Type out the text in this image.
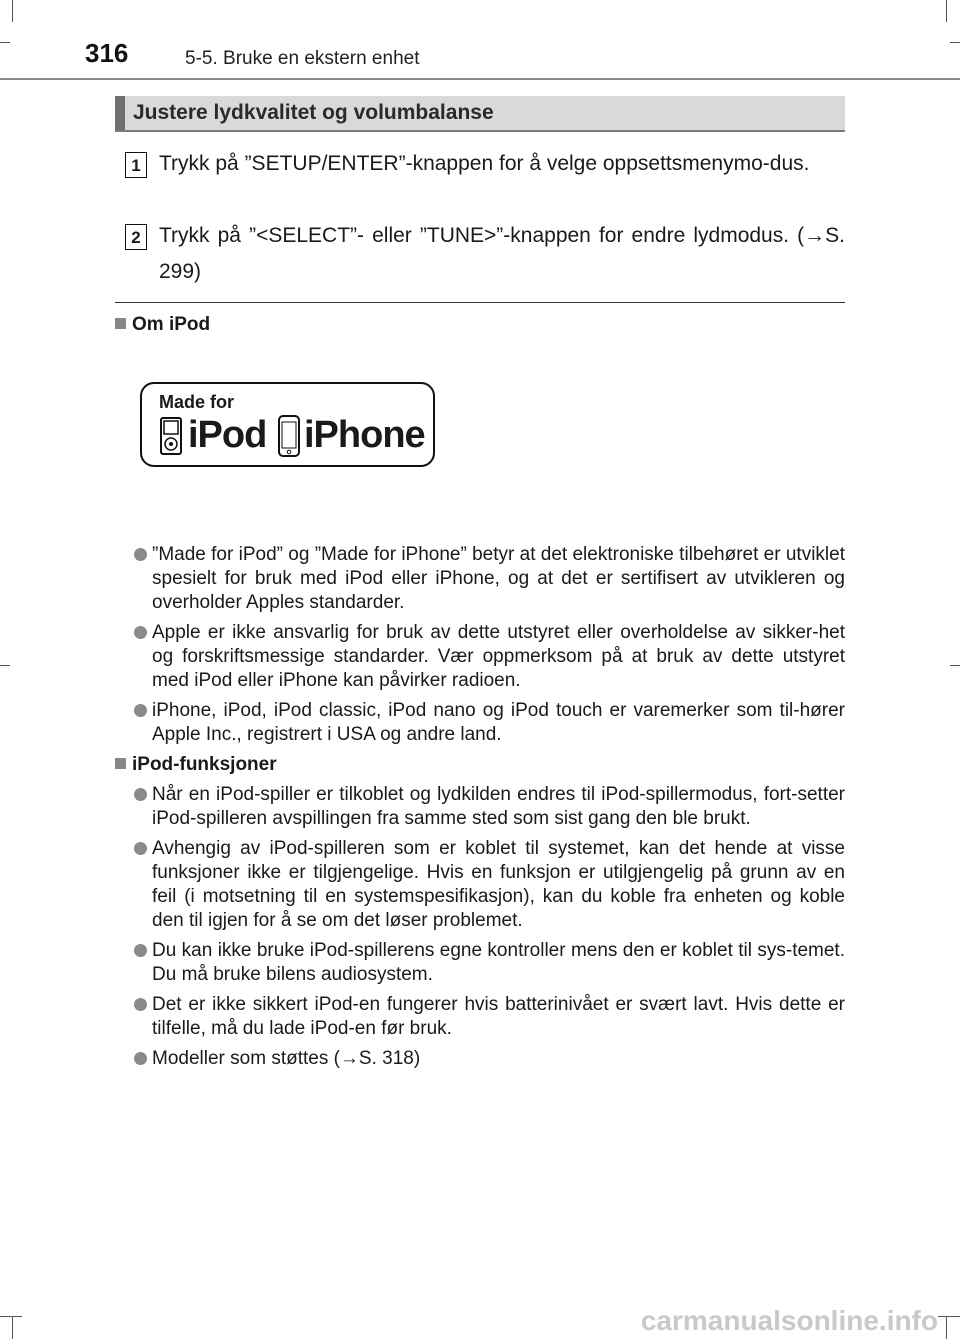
316	5-5. Bruke en ekstern enhet
Justere lydkvalitet og volumbalanse
1 Trykk på ”SETUP/ENTER”-knappen for å velge oppsettsmenymo-dus.
2 Trykk på ”<SELECT”- eller ”TUNE>”-knappen for endre lydmodus. (→S. 299)
Om iPod
Made for
iPod iPhone
”Made for iPod” og ”Made for iPhone” betyr at det elektroniske tilbehøret er utviklet spesielt for bruk med iPod eller iPhone, og at det er sertifisert av utvikleren og overholder Apples standarder.
Apple er ikke ansvarlig for bruk av dette utstyret eller overholdelse av sikker-het og forskriftsmessige standarder. Vær oppmerksom på at bruk av dette utstyret med iPod eller iPhone kan påvirker radioen.
iPhone, iPod, iPod classic, iPod nano og iPod touch er varemerker som til-hører Apple Inc., registrert i USA og andre land.
iPod-funksjoner
Når en iPod-spiller er tilkoblet og lydkilden endres til iPod-spillermodus, fort-setter iPod-spilleren avspillingen fra samme sted som sist gang den ble brukt.
Avhengig av iPod-spilleren som er koblet til systemet, kan det hende at visse funksjoner ikke er tilgjengelige. Hvis en funksjon er utilgjengelig på grunn av en feil (i motsetning til en systemspesifikasjon), kan du koble fra enheten og koble den til igjen for å se om det løser problemet.
Du kan ikke bruke iPod-spillerens egne kontroller mens den er koblet til sys-temet. Du må bruke bilens audiosystem.
Det er ikke sikkert iPod-en fungerer hvis batterinivået er svært lavt. Hvis dette er tilfelle, må du lade iPod-en før bruk.
Modeller som støttes (→S. 318)
carmanualsonline.info
